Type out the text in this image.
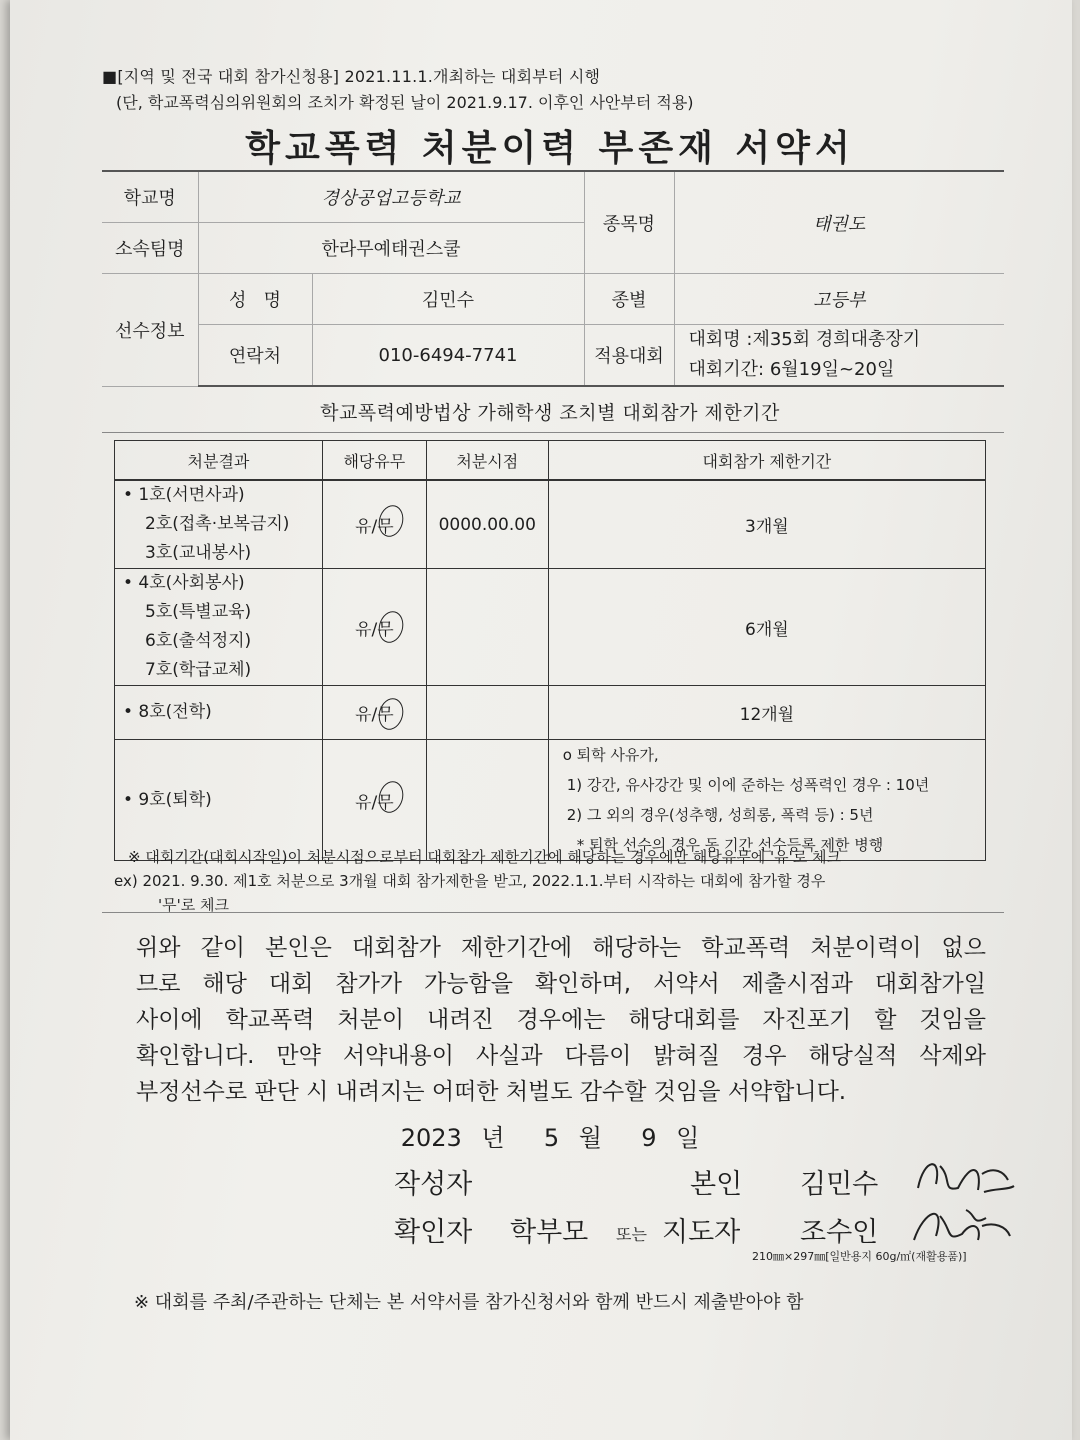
■[지역 및 전국 대회 참가신청용] 2021.11.1.개최하는 대회부터 시행
(단, 학교폭력심의위원회의 조치가 확정된 날이 2021.9.17. 이후인 사안부터 적용)
학교폭력 처분이력 부존재 서약서
학교명	경상공업고등학교		종목명	태권도
소속팀명	한라무예태권스쿨			
선수정보	성   명	김민수	종별	고등부
	연락처	010-6494-7741	적용대회	대회명 :제35회 경희대총장기
대회기간: 6월19일~20일
학교폭력예방법상 가해학생 조치별 대회참가 제한기간
처분결과	해당유무	처분시점	대회참가 제한기간

• 1호(서면사과)
2호(접촉·보복금지)
3호(교내봉사)	유/무	0000.00.00	3개월

• 4호(사회봉사)
5호(특별교육)
6호(출석정지)
7호(학급교체)	유/무		6개월

• 8호(전학)	유/무		12개월

• 9호(퇴학)	유/무		o 퇴학 사유가,
1) 강간, 유사강간 및 이에 준하는 성폭력인 경우 : 10년
2) 그 외의 경우(성추행, 성희롱, 폭력 등) : 5년
* 퇴학 선수의 경우 동 기간 선수등록 제한 병행
※ 대회기간(대회시작일)이 처분시점으로부터 대회참가 제한기간에 해당하는 경우에만 해당유무에 '유'로 체크
ex) 2021. 9.30. 제1호 처분으로 3개월 대회 참가제한을 받고, 2022.1.1.부터 시작하는 대회에 참가할 경우
'무'로 체크
위와 같이 본인은 대회참가 제한기간에 해당하는 학교폭력 처분이력이 없으
므로 해당 대회 참가가 가능함을 확인하며, 서약서 제출시점과 대회참가일
사이에 학교폭력 처분이 내려진 경우에는 해당대회를 자진포기 할 것임을
확인합니다. 만약 서약내용이 사실과 다름이 밝혀질 경우 해당실적 삭제와
부정선수로 판단 시 내려지는 어떠한 처벌도 감수할 것임을 서약합니다.
2023 년  5 월  9 일
작성자	본인 김민수
확인자 학부모 또는 지도자 조수인
210㎜×297㎜[일반용지 60g/㎡(재활용품)]
※ 대회를 주최/주관하는 단체는 본 서약서를 참가신청서와 함께 반드시 제출받아야 함
